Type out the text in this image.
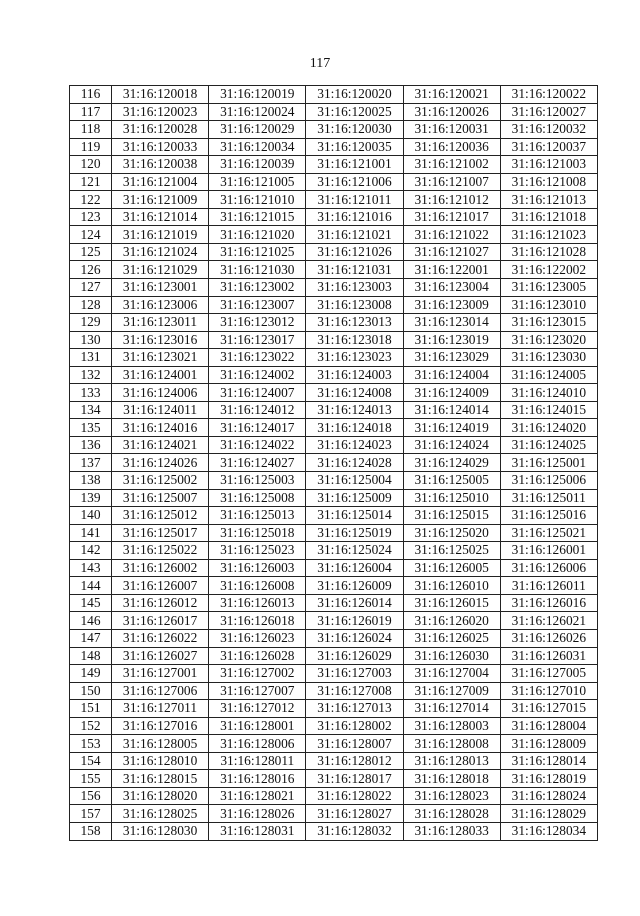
117
116	31:16:120018	31:16:120019	31:16:120020	31:16:120021	31:16:120022
117	31:16:120023	31:16:120024	31:16:120025	31:16:120026	31:16:120027
118	31:16:120028	31:16:120029	31:16:120030	31:16:120031	31:16:120032
119	31:16:120033	31:16:120034	31:16:120035	31:16:120036	31:16:120037
120	31:16:120038	31:16:120039	31:16:121001	31:16:121002	31:16:121003
121	31:16:121004	31:16:121005	31:16:121006	31:16:121007	31:16:121008
122	31:16:121009	31:16:121010	31:16:121011	31:16:121012	31:16:121013
123	31:16:121014	31:16:121015	31:16:121016	31:16:121017	31:16:121018
124	31:16:121019	31:16:121020	31:16:121021	31:16:121022	31:16:121023
125	31:16:121024	31:16:121025	31:16:121026	31:16:121027	31:16:121028
126	31:16:121029	31:16:121030	31:16:121031	31:16:122001	31:16:122002
127	31:16:123001	31:16:123002	31:16:123003	31:16:123004	31:16:123005
128	31:16:123006	31:16:123007	31:16:123008	31:16:123009	31:16:123010
129	31:16:123011	31:16:123012	31:16:123013	31:16:123014	31:16:123015
130	31:16:123016	31:16:123017	31:16:123018	31:16:123019	31:16:123020
131	31:16:123021	31:16:123022	31:16:123023	31:16:123029	31:16:123030
132	31:16:124001	31:16:124002	31:16:124003	31:16:124004	31:16:124005
133	31:16:124006	31:16:124007	31:16:124008	31:16:124009	31:16:124010
134	31:16:124011	31:16:124012	31:16:124013	31:16:124014	31:16:124015
135	31:16:124016	31:16:124017	31:16:124018	31:16:124019	31:16:124020
136	31:16:124021	31:16:124022	31:16:124023	31:16:124024	31:16:124025
137	31:16:124026	31:16:124027	31:16:124028	31:16:124029	31:16:125001
138	31:16:125002	31:16:125003	31:16:125004	31:16:125005	31:16:125006
139	31:16:125007	31:16:125008	31:16:125009	31:16:125010	31:16:125011
140	31:16:125012	31:16:125013	31:16:125014	31:16:125015	31:16:125016
141	31:16:125017	31:16:125018	31:16:125019	31:16:125020	31:16:125021
142	31:16:125022	31:16:125023	31:16:125024	31:16:125025	31:16:126001
143	31:16:126002	31:16:126003	31:16:126004	31:16:126005	31:16:126006
144	31:16:126007	31:16:126008	31:16:126009	31:16:126010	31:16:126011
145	31:16:126012	31:16:126013	31:16:126014	31:16:126015	31:16:126016
146	31:16:126017	31:16:126018	31:16:126019	31:16:126020	31:16:126021
147	31:16:126022	31:16:126023	31:16:126024	31:16:126025	31:16:126026
148	31:16:126027	31:16:126028	31:16:126029	31:16:126030	31:16:126031
149	31:16:127001	31:16:127002	31:16:127003	31:16:127004	31:16:127005
150	31:16:127006	31:16:127007	31:16:127008	31:16:127009	31:16:127010
151	31:16:127011	31:16:127012	31:16:127013	31:16:127014	31:16:127015
152	31:16:127016	31:16:128001	31:16:128002	31:16:128003	31:16:128004
153	31:16:128005	31:16:128006	31:16:128007	31:16:128008	31:16:128009
154	31:16:128010	31:16:128011	31:16:128012	31:16:128013	31:16:128014
155	31:16:128015	31:16:128016	31:16:128017	31:16:128018	31:16:128019
156	31:16:128020	31:16:128021	31:16:128022	31:16:128023	31:16:128024
157	31:16:128025	31:16:128026	31:16:128027	31:16:128028	31:16:128029
158	31:16:128030	31:16:128031	31:16:128032	31:16:128033	31:16:128034
